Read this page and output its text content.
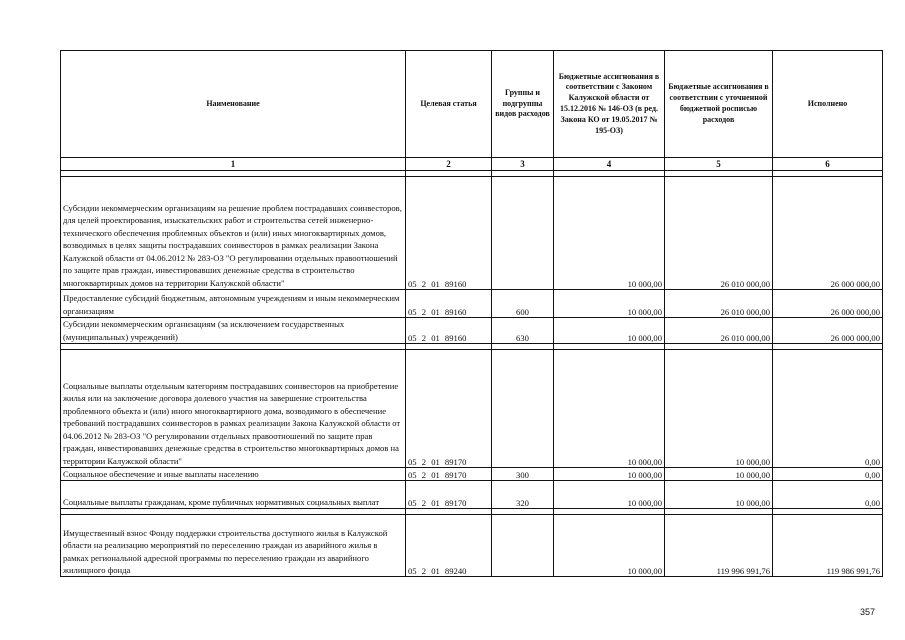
Наименование	Целевая статья	Группы и подгруппы видов расходов	Бюджетные ассигнования в соответствии с Законом Калужской области от 15.12.2016 № 146-ОЗ (в ред. Закона КО от 19.05.2017 № 195-ОЗ)	Бюджетные ассигнования в соответствии с уточненной бюджетной росписью расходов	Исполнено
1	2	3	4	5	6

Субсидии некоммерческим организациям на решение проблем пострадавших соинвесторов, для целей проектирования, изыскательских работ и строительства сетей инженерно-технического обеспечения проблемных объектов и (или) иных многоквартирных домов, возводимых в целях защиты пострадавших соинвесторов в рамках реализации Закона Калужской области от 04.06.2012 № 283-ОЗ "О регулировании отдельных правоотношений по защите прав граждан, инвестировавших денежные средства в строительство многоквартирных домов на территории Калужской области"	05 2 01 89160		10 000,00	26 010 000,00	26 000 000,00
Предоставление субсидий бюджетным, автономным учреждениям и иным некоммерческим организациям	05 2 01 89160	600	10 000,00	26 010 000,00	26 000 000,00
Субсидии некоммерческим организациям (за исключением государственных (муниципальных) учреждений)	05 2 01 89160	630	10 000,00	26 010 000,00	26 000 000,00

Социальные выплаты отдельным категориям пострадавших соинвесторов на приобретение жилья или на заключение договора долевого участия на завершение строительства проблемного объекта и (или) иного многоквартирного дома, возводимого в обеспечение требований пострадавших соинвесторов в рамках реализации Закона Калужской области от 04.06.2012 № 283-ОЗ "О регулировании отдельных правоотношений по защите прав граждан, инвестировавших денежные средства в строительство многоквартирных домов на территории Калужской области"	05 2 01 89170		10 000,00	10 000,00	0,00
Социальное обеспечение и иные выплаты населению	05 2 01 89170	300	10 000,00	10 000,00	0,00
Социальные выплаты гражданам, кроме публичных нормативных социальных выплат	05 2 01 89170	320	10 000,00	10 000,00	0,00

Имущественный взнос Фонду поддержки строительства доступного жилья в Калужской области на реализацию мероприятий по переселению граждан из аварийного жилья в рамках региональной адресной программы по переселению граждан из аварийного жилищного фонда	05 2 01 89240		10 000,00	119 996 991,76	119 986 991,76
357
